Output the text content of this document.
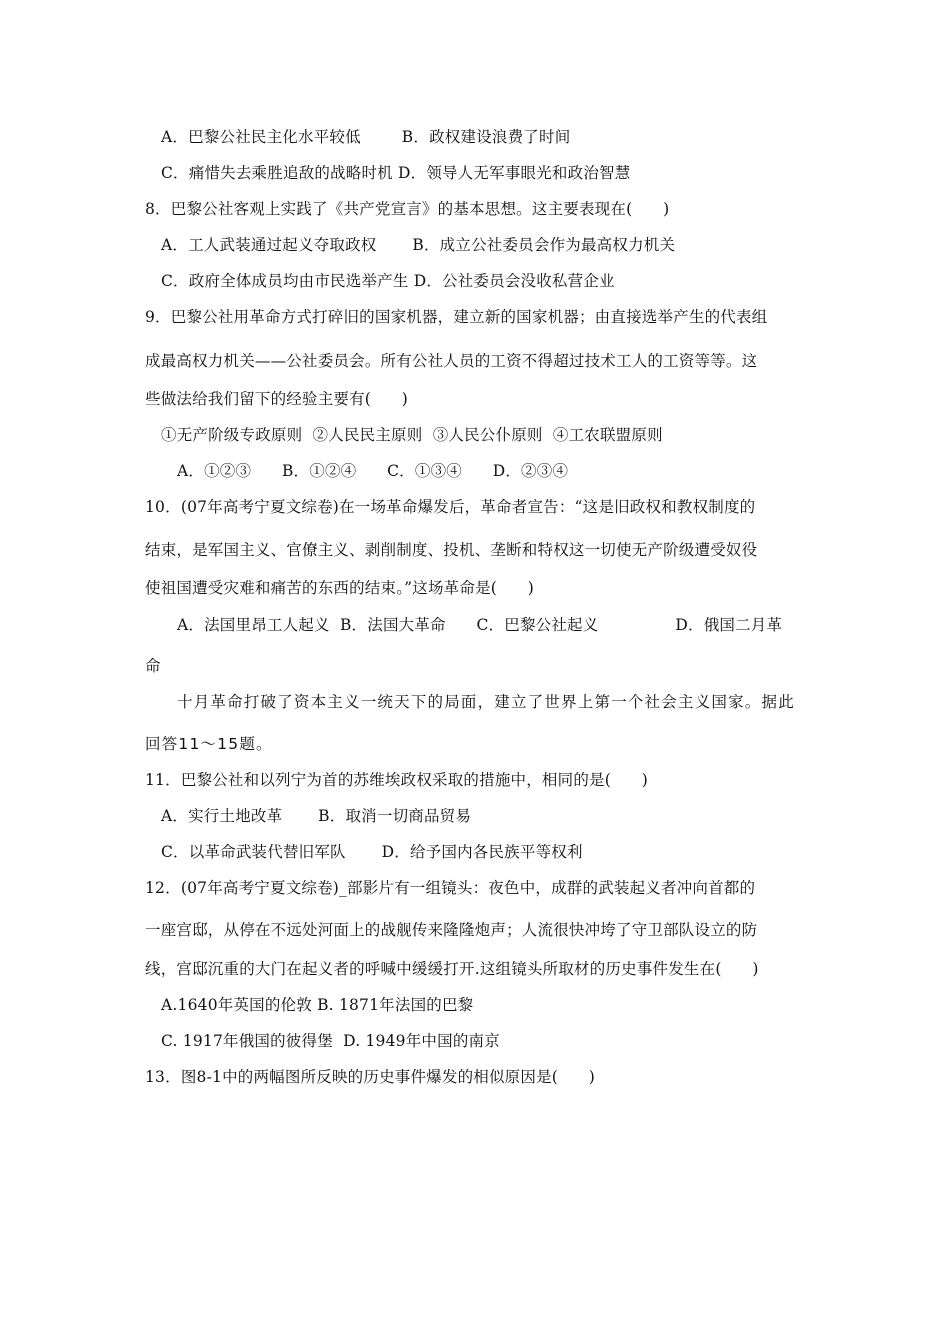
A．巴黎公社民主化水平较低        B．政权建设浪费了时间
C．痛惜失去乘胜追敌的战略时机 D．领导人无军事眼光和政治智慧
8．巴黎公社客观上实践了《共产党宣言》的基本思想。这主要表现在(      )
A．工人武装通过起义夺取政权       B．成立公社委员会作为最高权力机关
C．政府全体成员均由市民选举产生 D．公社委员会没收私营企业
9．巴黎公社用革命方式打碎旧的国家机器，建立新的国家机器；由直接选举产生的代表组
成最高权力机关——公社委员会。所有公社人员的工资不得超过技术工人的工资等等。这
些做法给我们留下的经验主要有(      )
①无产阶级专政原则  ②人民民主原则  ③人民公仆原则  ④工农联盟原则
A．①②③      B．①②④      C．①③④      D．②③④
10．(07年高考宁夏文综卷)在一场革命爆发后，革命者宣告：“这是旧政权和教权制度的
结束，是军国主义、官僚主义、剥削制度、投机、垄断和特权这一切使无产阶级遭受奴役
使祖国遭受灾难和痛苦的东西的结束。”这场革命是(      )
A．法国里昂工人起义  B．法国大革命      C．巴黎公社起义               D．俄国二月革
命
十月革命打破了资本主义一统天下的局面，建立了世界上第一个社会主义国家。据此
回答11～15题。
11．巴黎公社和以列宁为首的苏维埃政权采取的措施中，相同的是(      )
A．实行土地改革       B．取消一切商品贸易
C．以革命武装代替旧军队       D．给予国内各民族平等权利
12．(07年高考宁夏文综卷)_部影片有一组镜头：夜色中，成群的武装起义者冲向首都的
一座宫邸，从停在不远处河面上的战舰传来隆隆炮声；人流很快冲垮了守卫部队设立的防
线，宫邸沉重的大门在起义者的呼喊中缓缓打开.这组镜头所取材的历史事件发生在(      )
A.1640年英国的伦敦 B. 1871年法国的巴黎
C. 1917年俄国的彼得堡  D. 1949年中国的南京
13．图8-1中的两幅图所反映的历史事件爆发的相似原因是(      )
